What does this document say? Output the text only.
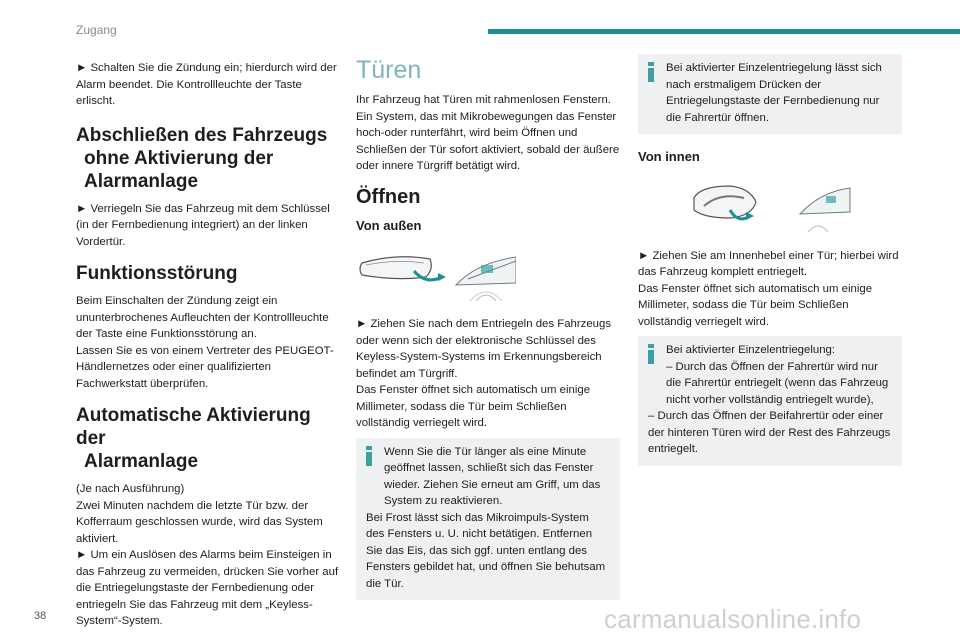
Zugang

► Schalten Sie die Zündung ein; hierdurch wird der Alarm beendet. Die Kontrollleuchte der Taste erlischt.

Abschließen des Fahrzeugs
ohne Aktivierung der
Alarmanlage

► Verriegeln Sie das Fahrzeug mit dem Schlüssel (in der Fernbedienung integriert) an der linken Vordertür.

Funktionsstörung

Beim Einschalten der Zündung zeigt ein ununterbrochenes Aufleuchten der Kontrollleuchte der Taste eine Funktionsstörung an.

Lassen Sie es von einem Vertreter des PEUGEOT-Händlernetzes oder einer qualifizierten Fachwerkstatt überprüfen.

Automatische Aktivierung der
Alarmanlage

(Je nach Ausführung)

Zwei Minuten nachdem die letzte Tür bzw. der Kofferraum geschlossen wurde, wird das System aktiviert.

► Um ein Auslösen des Alarms beim Einsteigen in das Fahrzeug zu vermeiden, drücken Sie vorher auf die Entriegelungstaste der Fernbedienung oder entriegeln Sie das Fahrzeug mit dem „Keyless-System“-System.

Türen

Ihr Fahrzeug hat Türen mit rahmenlosen Fenstern. Ein System, das mit Mikrobewegungen das Fenster hoch-oder runterfährt, wird beim Öffnen und Schließen der Tür sofort aktiviert, sobald der äußere oder innere Türgriff betätigt wird.

Öffnen
Von außen

► Ziehen Sie nach dem Entriegeln des Fahrzeugs oder wenn sich der elektronische Schlüssel des Keyless-System-Systems im Erkennungsbereich befindet am Türgriff.

Das Fenster öffnet sich automatisch um einige Millimeter, sodass die Tür beim Schließen vollständig verriegelt wird.

Wenn Sie die Tür länger als eine Minute geöffnet lassen, schließt sich das Fenster wieder. Ziehen Sie erneut am Griff, um das System zu reaktivieren.

Bei Frost lässt sich das Mikroimpuls-System des Fensters u. U. nicht betätigen. Entfernen Sie das Eis, das sich ggf. unten entlang des Fensters gebildet hat, und öffnen Sie behutsam die Tür.

Bei aktivierter Einzelentriegelung lässt sich nach erstmaligem Drücken der Entriegelungstaste der Fernbedienung nur die Fahrertür öffnen.

Von innen

► Ziehen Sie am Innenhebel einer Tür; hierbei wird das Fahrzeug komplett entriegelt.

Das Fenster öffnet sich automatisch um einige Millimeter, sodass die Tür beim Schließen vollständig verriegelt wird.

Bei aktivierter Einzelentriegelung:

– Durch das Öffnen der Fahrertür wird nur die Fahrertür entriegelt (wenn das Fahrzeug nicht vorher vollständig entriegelt wurde),

– Durch das Öffnen der Beifahrertür oder einer der hinteren Türen wird der Rest des Fahrzeugs entriegelt.

38	carmanualsonline.info
